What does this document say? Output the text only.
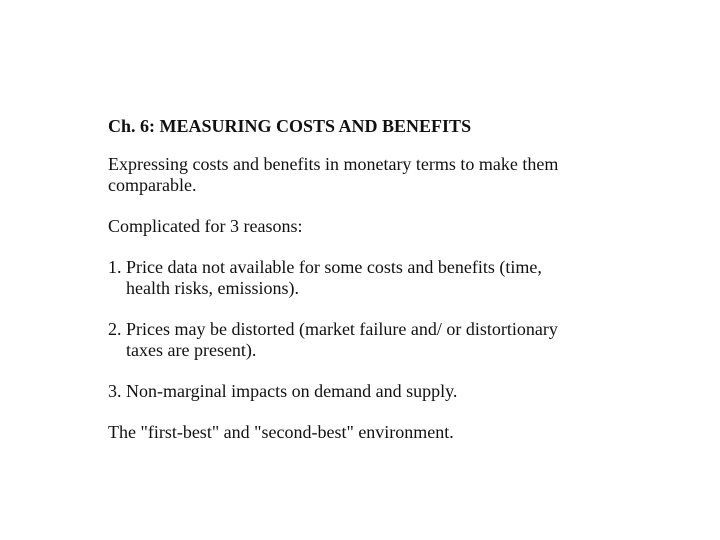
Ch. 6: MEASURING COSTS AND BENEFITS
Expressing costs and benefits in monetary terms to make them
comparable.
Complicated for 3 reasons:
1. Price data not available for some costs and benefits (time,
health risks, emissions).
2. Prices may be distorted (market failure and/ or distortionary
taxes are present).
3. Non-marginal impacts on demand and supply.
The "first-best" and "second-best" environment.
